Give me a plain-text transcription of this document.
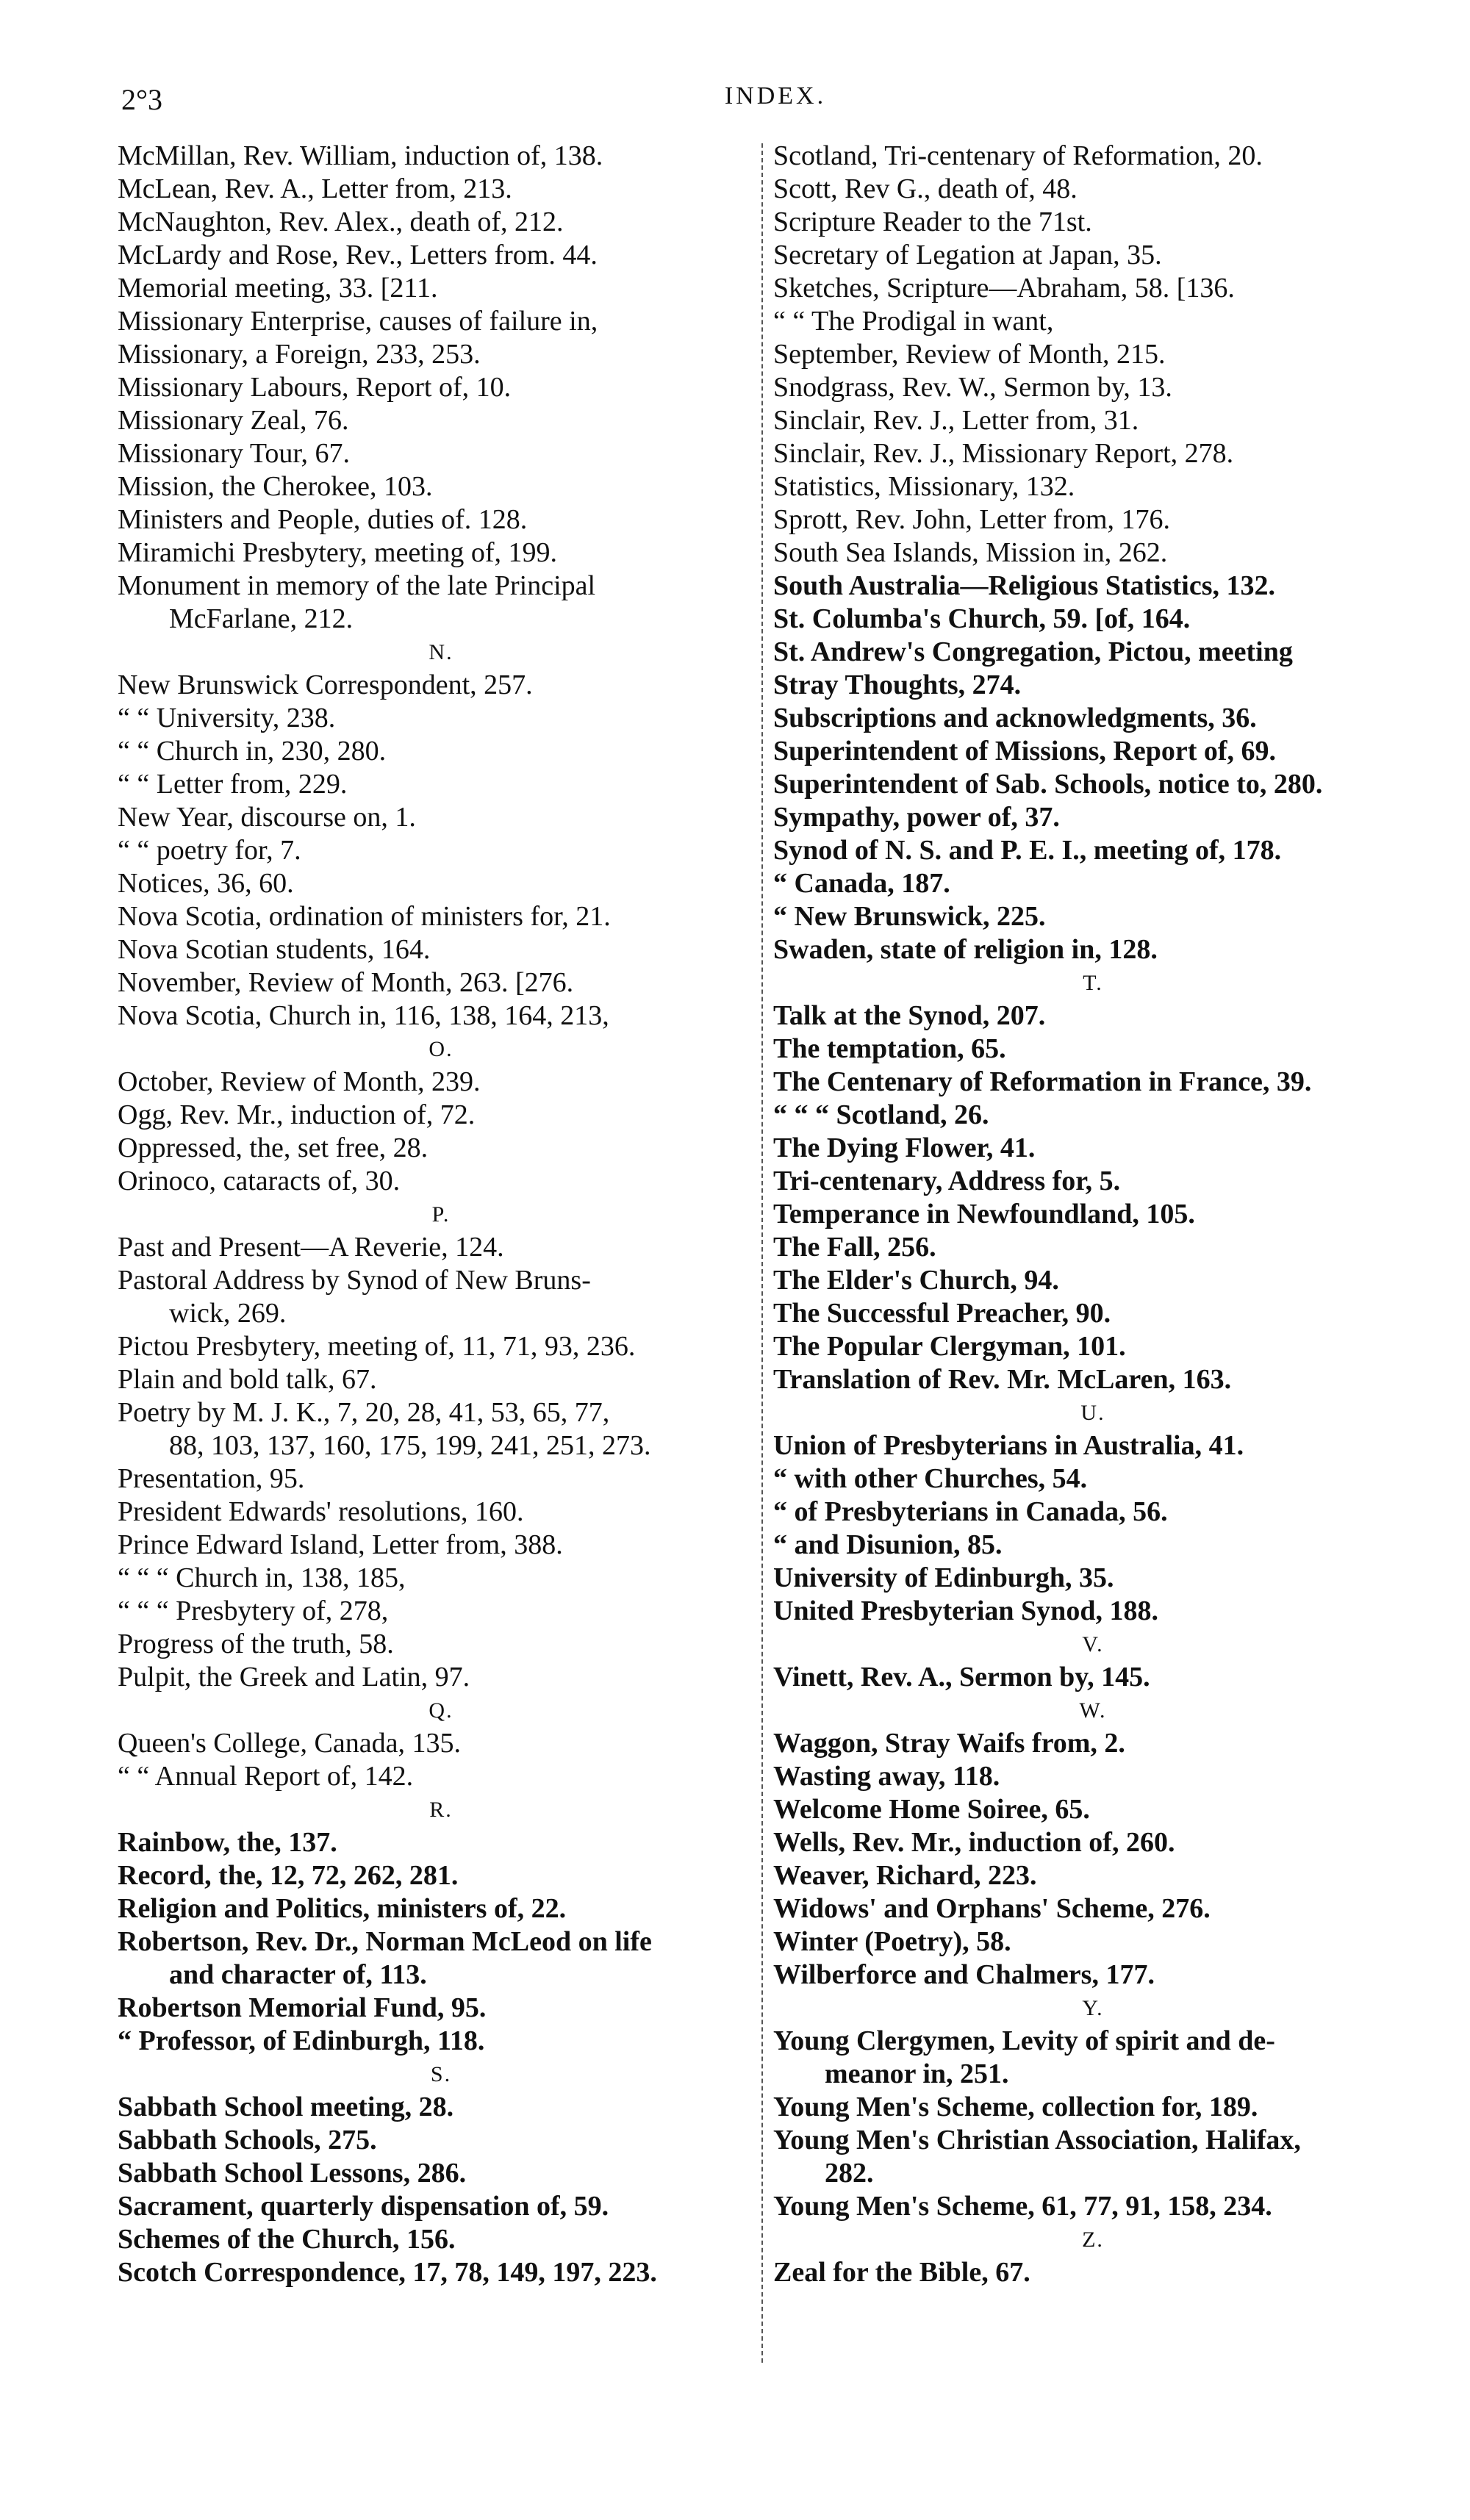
2°3	INDEX.
McMillan, Rev. William, induction of, 138.
McLean, Rev. A., Letter from, 213.
McNaughton, Rev. Alex., death of, 212.
McLardy and Rose, Rev., Letters from. 44.
Memorial meeting, 33. [211.
Missionary Enterprise, causes of failure in,
Missionary, a Foreign, 233, 253.
Missionary Labours, Report of, 10.
Missionary Zeal, 76.
Missionary Tour, 67.
Mission, the Cherokee, 103.
Ministers and People, duties of. 128.
Miramichi Presbytery, meeting of, 199.
Monument in memory of the late Principal
McFarlane, 212.
N.
New Brunswick Correspondent, 257.
“ “ University, 238.
“ “ Church in, 230, 280.
“ “ Letter from, 229.
New Year, discourse on, 1.
“ “ poetry for, 7.
Notices, 36, 60.
Nova Scotia, ordination of ministers for, 21.
Nova Scotian students, 164.
November, Review of Month, 263. [276.
Nova Scotia, Church in, 116, 138, 164, 213,
O.
October, Review of Month, 239.
Ogg, Rev. Mr., induction of, 72.
Oppressed, the, set free, 28.
Orinoco, cataracts of, 30.
P.
Past and Present—A Reverie, 124.
Pastoral Address by Synod of New Bruns-
wick, 269.
Pictou Presbytery, meeting of, 11, 71, 93, 236.
Plain and bold talk, 67.
Poetry by M. J. K., 7, 20, 28, 41, 53, 65, 77,
88, 103, 137, 160, 175, 199, 241, 251, 273.
Presentation, 95.
President Edwards' resolutions, 160.
Prince Edward Island, Letter from, 388.
“ “ “ Church in, 138, 185,
“ “ “ Presbytery of, 278,
Progress of the truth, 58.
Pulpit, the Greek and Latin, 97.
Q.
Queen's College, Canada, 135.
“ “ Annual Report of, 142.
R.
Rainbow, the, 137.
Record, the, 12, 72, 262, 281.
Religion and Politics, ministers of, 22.
Robertson, Rev. Dr., Norman McLeod on life
and character of, 113.
Robertson Memorial Fund, 95.
“ Professor, of Edinburgh, 118.
S.
Sabbath School meeting, 28.
Sabbath Schools, 275.
Sabbath School Lessons, 286.
Sacrament, quarterly dispensation of, 59.
Schemes of the Church, 156.
Scotch Correspondence, 17, 78, 149, 197, 223.
Scotland, Tri-centenary of Reformation, 20.
Scott, Rev G., death of, 48.
Scripture Reader to the 71st.
Secretary of Legation at Japan, 35.
Sketches, Scripture—Abraham, 58. [136.
“ “ The Prodigal in want,
September, Review of Month, 215.
Snodgrass, Rev. W., Sermon by, 13.
Sinclair, Rev. J., Letter from, 31.
Sinclair, Rev. J., Missionary Report, 278.
Statistics, Missionary, 132.
Sprott, Rev. John, Letter from, 176.
South Sea Islands, Mission in, 262.
South Australia—Religious Statistics, 132.
St. Columba's Church, 59. [of, 164.
St. Andrew's Congregation, Pictou, meeting
Stray Thoughts, 274.
Subscriptions and acknowledgments, 36.
Superintendent of Missions, Report of, 69.
Superintendent of Sab. Schools, notice to, 280.
Sympathy, power of, 37.
Synod of N. S. and P. E. I., meeting of, 178.
“ Canada, 187.
“ New Brunswick, 225.
Swaden, state of religion in, 128.
T.
Talk at the Synod, 207.
The temptation, 65.
The Centenary of Reformation in France, 39.
“ “ “ Scotland, 26.
The Dying Flower, 41.
Tri-centenary, Address for, 5.
Temperance in Newfoundland, 105.
The Fall, 256.
The Elder's Church, 94.
The Successful Preacher, 90.
The Popular Clergyman, 101.
Translation of Rev. Mr. McLaren, 163.
U.
Union of Presbyterians in Australia, 41.
“ with other Churches, 54.
“ of Presbyterians in Canada, 56.
“ and Disunion, 85.
University of Edinburgh, 35.
United Presbyterian Synod, 188.
V.
Vinett, Rev. A., Sermon by, 145.
W.
Waggon, Stray Waifs from, 2.
Wasting away, 118.
Welcome Home Soiree, 65.
Wells, Rev. Mr., induction of, 260.
Weaver, Richard, 223.
Widows' and Orphans' Scheme, 276.
Winter (Poetry), 58.
Wilberforce and Chalmers, 177.
Y.
Young Clergymen, Levity of spirit and de-
meanor in, 251.
Young Men's Scheme, collection for, 189.
Young Men's Christian Association, Halifax,
282.
Young Men's Scheme, 61, 77, 91, 158, 234.
Z.
Zeal for the Bible, 67.
